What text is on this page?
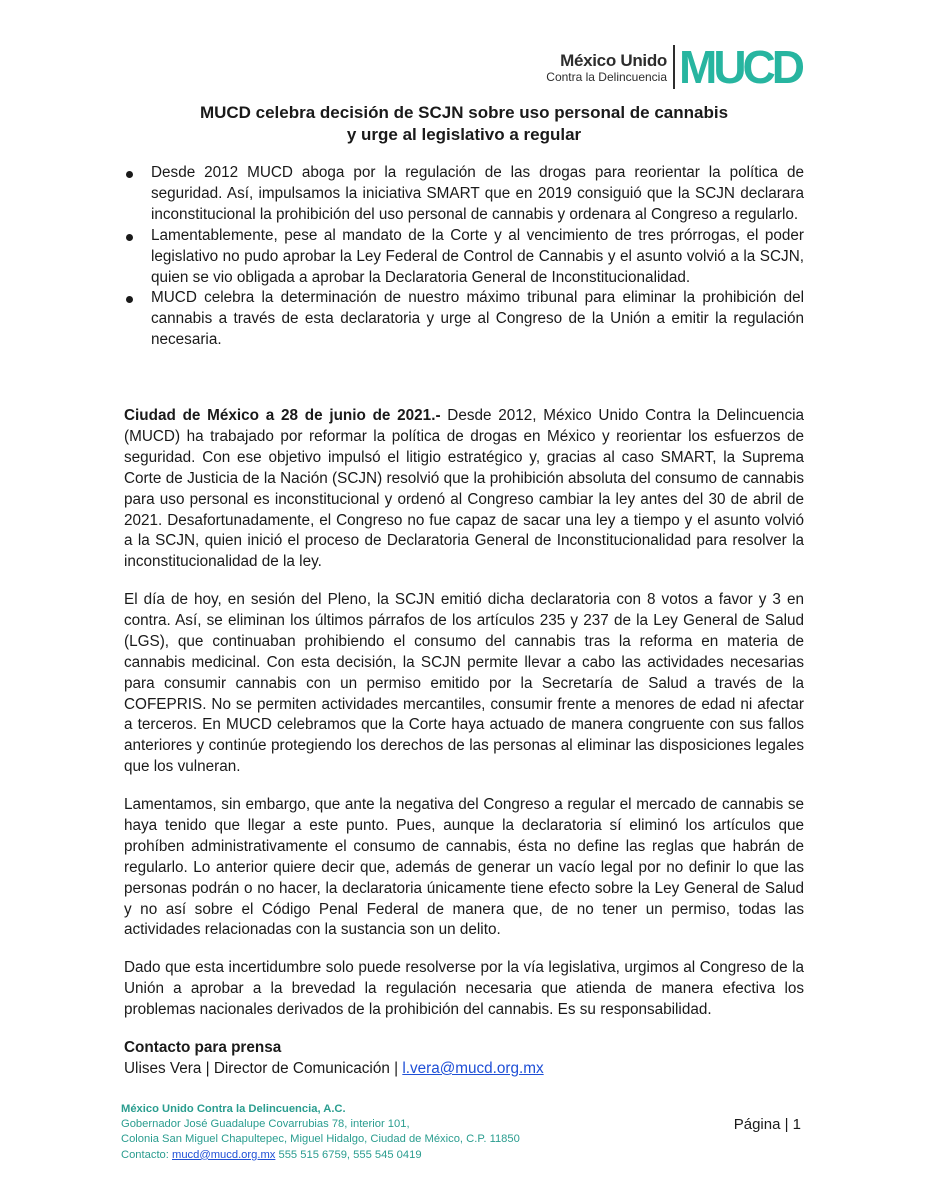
México Unido
Contra la Delincuencia MUCD
MUCD celebra decisión de SCJN sobre uso personal de cannabis
y urge al legislativo a regular
Desde 2012 MUCD aboga por la regulación de las drogas para reorientar la política de seguridad. Así, impulsamos la iniciativa SMART que en 2019 consiguió que la SCJN declarara inconstitucional la prohibición del uso personal de cannabis y ordenara al Congreso a regularlo.
Lamentablemente, pese al mandato de la Corte y al vencimiento de tres prórrogas, el poder legislativo no pudo aprobar la Ley Federal de Control de Cannabis y el asunto volvió a la SCJN, quien se vio obligada a aprobar la Declaratoria General de Inconstitucionalidad.
MUCD celebra la determinación de nuestro máximo tribunal para eliminar la prohibición del cannabis a través de esta declaratoria y urge al Congreso de la Unión a emitir la regulación necesaria.

Ciudad de México a 28 de junio de 2021.- Desde 2012, México Unido Contra la Delincuencia (MUCD) ha trabajado por reformar la política de drogas en México y reorientar los esfuerzos de seguridad. Con ese objetivo impulsó el litigio estratégico y, gracias al caso SMART, la Suprema Corte de Justicia de la Nación (SCJN) resolvió que la prohibición absoluta del consumo de cannabis para uso personal es inconstitucional y ordenó al Congreso cambiar la ley antes del 30 de abril de 2021. Desafortunadamente, el Congreso no fue capaz de sacar una ley a tiempo y el asunto volvió a la SCJN, quien inició el proceso de Declaratoria General de Inconstitucionalidad para resolver la inconstitucionalidad de la ley.

El día de hoy, en sesión del Pleno, la SCJN emitió dicha declaratoria con 8 votos a favor y 3 en contra. Así, se eliminan los últimos párrafos de los artículos 235 y 237 de la Ley General de Salud (LGS), que continuaban prohibiendo el consumo del cannabis tras la reforma en materia de cannabis medicinal. Con esta decisión, la SCJN permite llevar a cabo las actividades necesarias para consumir cannabis con un permiso emitido por la Secretaría de Salud a través de la COFEPRIS. No se permiten actividades mercantiles, consumir frente a menores de edad ni afectar a terceros. En MUCD celebramos que la Corte haya actuado de manera congruente con sus fallos anteriores y continúe protegiendo los derechos de las personas al eliminar las disposiciones legales que los vulneran.

Lamentamos, sin embargo, que ante la negativa del Congreso a regular el mercado de cannabis se haya tenido que llegar a este punto. Pues, aunque la declaratoria sí eliminó los artículos que prohíben administrativamente el consumo de cannabis, ésta no define las reglas que habrán de regularlo. Lo anterior quiere decir que, además de generar un vacío legal por no definir lo que las personas podrán o no hacer, la declaratoria únicamente tiene efecto sobre la Ley General de Salud y no así sobre el Código Penal Federal de manera que, de no tener un permiso, todas las actividades relacionadas con la sustancia son un delito.

Dado que esta incertidumbre solo puede resolverse por la vía legislativa, urgimos al Congreso de la Unión a aprobar a la brevedad la regulación necesaria que atienda de manera efectiva los problemas nacionales derivados de la prohibición del cannabis. Es su responsabilidad.

Contacto para prensa
Ulises Vera | Director de Comunicación | l.vera@mucd.org.mx
México Unido Contra la Delincuencia, A.C.
Gobernador José Guadalupe Covarrubias 78, interior 101,
Colonia San Miguel Chapultepec, Miguel Hidalgo, Ciudad de México, C.P. 11850
Contacto: mucd@mucd.org.mx 555 515 6759, 555 545 0419
Página | 1
